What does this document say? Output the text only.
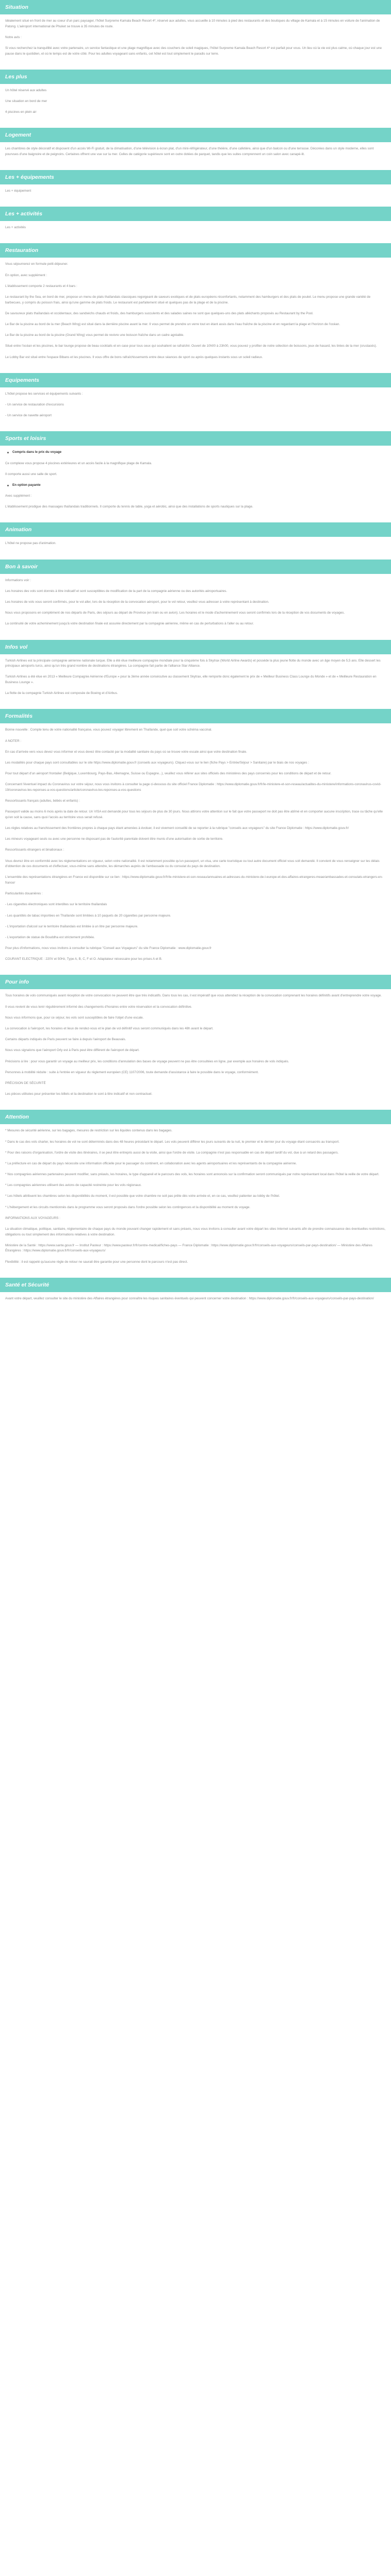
Situation

Idéalement situé en front de mer au coeur d'un parc paysager, l'hôtel Surpreme Kamala Beach Resort 4*, réservé aux adultes, vous accueille à 10 minutes à pied des restaurants et des boutiques du village de Kamala et à 15 minutes en voiture de l'animation de Patong. L'aéroport international de Phuket se trouve à 35 minutes de route.

Notre avis :

Si vous recherchez la tranquillité avec votre partenaire, un service fantastique et une plage magnifique avec des couchers de soleil magiques, l'hôtel Surpreme Kamala Beach Resort 4* est parfait pour vous. Un lieu où la vie est plus calme, où chaque jour est une pause dans le quotidien, et où le temps est de votre côté. Pour les adultes voyageant sans enfants, cet hôtel est tout simplement le paradis sur terre.

Les plus

Un hôtel réservé aux adultes

Une situation en bord de mer

4 piscines en plein air

Logement

Les chambres de style décoratif et disposent d'un accès Wi-Fi gratuit, de la climatisation, d'une télévision à écran plat, d'un mini-réfrigérateur, d'une théière, d'une cafetière, ainsi que d'un balcon ou d'une terrasse. Décorées dans un style moderne, elles sont pourvues d'une baignoire et de peignoirs. Certaines offrent une vue sur la mer. Celles de catégorie supérieure sont en outre dotées de parquet, tandis que les suites comprennent un coin salon avec canapé-lit.

Les + équipements

Les + équipement

Les + activités

Les + activités

Restauration

Vous séjournerez en formule petit-déjeuner.

En option, avec supplément :

L'établissement comporte 2 restaurants et 4 bars :

Le restaurant by the Sea, en bord de mer, propose un menu de plats thaïlandais classiques regorgeant de saveurs exotiques et de plats européens réconfortants, notamment des hamburgers et des plats de poulet. Le menu propose une grande variété de barbecues, y compris du poisson frais, ainsi qu'une gamme de plats froids. Le restaurant est parfaitement situé et quelques pas de la plage et de la piscine.

De savoureux plats thaïlandais et occidentaux, des sandwichs chauds et froids, des hamburgers succulents et des salades saines ne sont que quelques-uns des plats alléchants proposés au Restaurant by the Pool.

Le Bar de la piscine au bord de la mer (Beach Wing) est situé dans la dernière piscine avant la mer. Il vous permet de prendre un verre tout en étant assis dans l'eau fraîche de la piscine et en regardant la plage et l'horizon de l'océan.

Le Bar de la piscine au bord de la piscine (Grand Wing) vous permet de revivre une boisson fraîche dans un cadre agréable.

Situé entre l'océan et les piscines, le bar lounge propose de beau cocktails et en case pour tous ceux qui souhaitent se rafraîchir. Ouvert de 10h00 à 23h00, vous pouvez y profiter de notre sélection de boissons, jeux de hasard, les tirées de la mer (crustacés).

Le Lobby Bar est situé entre l'espace Bibans et les piscines. Il vous offre de bons rafraîchissements entre deux séances de sport ou après quelques instants sous un soleil radieux.

Equipements

L'hôtel propose les services et équipements suivants :

- Un service de restauration d'excursions

- Un service de navette aéroport

Sports et loisirs
Compris dans le prix du voyage

Ce complexe vous propose 4 piscines extérieures et un accès facile à la magnifique plage de Kamala.

Il comporte aussi une salle de sport.

En option payante

Avec supplément :

L'établissement prodigue des massages thaïlandais traditionnels. Il comporte du tennis de table, yoga et aérobic, ainsi que des installations de sports nautiques sur la plage.

Animation

L'hôtel ne propose pas d'animation.

Bon à savoir

Informations voir :

Les horaires des vols sont donnés à titre indicatif et sont susceptibles de modification de la part de la compagnie aérienne ou des autorités aéroportuaires.

Les horaires de vols vous seront confirmés, pour le vol aller, lors de la réception de la convocation aéroport, pour le vol retour, veuillez vous adresser à votre représentant à destination.

Nous vous proposons en complément de nos départs de Paris, des séjours au départ de Province (en train ou en avion). Les horaires et le mode d'acheminement vous seront confirmés lors de la réception de vos documents de voyages.

La continuité de votre acheminement jusqu'à votre destination finale est assurée directement par la compagnie aérienne, même en cas de perturbations à l'aller ou au retour.

Infos vol

Turkish Airlines est la principale compagnie aérienne nationale turque. Elle a été élue meilleure compagnie mondiale pour la cinquième fois à Skytrax (World Airline Awards) et possède la plus jeune flotte du monde avec un âge moyen de 5,5 ans. Elle dessert les principaux aéroports turcs, ainsi qu'un très grand nombre de destinations étrangères. La compagnie fait partie de l'alliance Star Alliance.

Turkish Airlines a été élue en 2013 « Meilleure Compagnie Aérienne d'Europe » pour la 3ème année consécutive au classement Skytrax, elle remporte donc également le prix de « Meilleur Business Class Lounge du Monde » et de « Meilleure Restauration en Business Lounge ».

La flotte de la compagnie Turkish Airlines est composée de Boeing et d'Airbus.

Formalités

Bonne nouvelle : Compte tenu de votre nationalité française, vous pouvez voyager librement en Thaïlande, quel que soit votre schéma vaccinal.

A NOTER :

En cas d'arrivée vers vous devez vous informer et vous devez être contacté par la modalité sanitaire du pays où se trouve votre escale ainsi que votre destination finale.

Les modalités pour chaque pays sont consultables sur le site https://www.diplomatie.gouv.fr (conseils aux voyageurs). Cliquez-vous sur le lien (fiche Pays > Entrée/Séjour > Sanitaire) par le biais de nos voyages :

Pour tout départ d'un aéroport frontalier (Belgique, Luxembourg, Pays-Bas, Allemagne, Suisse ou Espagne...), veuillez vous référer aux sites officiels des ministères des pays concernés pour les conditions de départ et de retour.

Concernant l'éventuel impact du Coronavirus sur votre séjour, nous vous invitons à consulter la page ci-dessous du site officiel France Diplomatie : https://www.diplomatie.gouv.fr/fr/le-ministere-et-son-reseau/actualites-du-ministere/informations-coronavirus-covid-19/coronavirus-les-reponses-a-vos-questions/article/coronavirus-les-reponses-a-vos-questions

Ressortissants français (adultes, bébés et enfants) :

Passeport valide au moins 6 mois après la date de retour. Un VISA est demandé pour tous les séjours de plus de 30 jours. Nous attirons votre attention sur le fait que votre passeport ne doit pas être abîmé et en comporter aucune inscription, trace ou tâche qu'elle qu'en soit la cause, sans quoi l'accès au territoire vous serait refusé.

Les règles relatives au franchissement des frontières propres à chaque pays étant amenées à évoluer, il est vivement conseillé de se reporter à la rubrique "conseils aux voyageurs" du site France Diplomatie : https://www.diplomatie.gouv.fr/

Les mineurs voyageant seuls ou avec une personne ne disposant pas de l'autorité parentale doivent être munis d'une autorisation de sortie de territoire.

Ressortissants étrangers et binationaux :

Vous devrez être en conformité avec les réglementations en vigueur, selon votre nationalité. Il est notamment possible qu'un passeport, un visa, une carte touristique ou tout autre document officiel vous soit demandé. Il convient de vous renseigner sur les délais d'obtention de ces documents et d'effectuer, vous-même sans attendre, les démarches auprès de l'ambassade ou du consulat du pays de destination.

L'ensemble des représentations étrangères en France est disponible sur ce lien : https://www.diplomatie.gouv.fr/fr/le-ministere-et-son-reseau/annuaires-et-adresses-du-ministere-de-l-europe-et-des-affaires-etrangeres-meae/ambassades-et-consulats-etrangers-en-france/

Particularités douanières :

- Les cigarettes électroniques sont interdites sur le territoire thaïlandais

- Les quantités de tabac importées en Thaïlande sont limitées à 10 paquets de 20 cigarettes par personne majeure.

- L'importation d'alcool sur le territoire thaïlandais est limitée à un litre par personne majeure.

- L'exportation de statue de Bouddha est strictement prohibée.

Pour plus d'informations, nous vous invitons à consulter la rubrique "Conseil aux Voyageurs" du site France Diplomatie : www.diplomatie.gouv.fr

COURANT ELECTRIQUE : 220V et 50Hz, Type A, B, C, F et O. Adaptateur nécessaire pour les prises A et B.

Pour info

Tous horaires de vols communiqués avant réception de votre convocation ne peuvent être que très indicatifs. Dans tous les cas, il est impératif que vous attendiez la réception de la convocation comprenant les horaires définitifs avant d'entreprendre votre voyage.

Il vous revient de vous tenir régulièrement informé des changements d'horaires entre votre réservation et la convocation définitive.

Nous vous informons que, pour ce séjour, les vols sont susceptibles de faire l'objet d'une escale.

La convocation à l'aéroport, les horaires et lieux de rendez-vous et le plan de vol définitif vous seront communiqués dans les 48h avant le départ.

Certains départs indiqués de Paris peuvent se faire à depuis l'aéroport de Beauvais.

Nous vous signalons que l'aéroport Orly est à Paris peut être différent de l'aéroport de départ.

Précisions à lire : pour vous garantir un voyage au meilleur prix, les conditions d'annulation des bases de voyage peuvent ne pas être consultées en ligne, par exemple aux horaires de vols indiqués.

Personnes à mobilité réduite : suite à l'entrée en vigueur du règlement européen (CE) 1107/2006, toute demande d'assistance à faire le possible dans le voyage, conformément.

PRÉCISION DE SÉCURITÉ

Les pièces utilisées pour présenter les billets et la destination le sont à titre indicatif et non contractuel.

Attention

* Mesures de sécurité aérienne, sur les bagages, mesures de restriction sur les liquides contenus dans les bagages.

* Dans le cas des vols charter, les horaires de vol ne sont déterminés dans des 48 heures précédant le départ. Les vols peuvent différer les jours suivants de la nuit, le premier et le dernier jour du voyage étant consacrés au transport.

* Pour des raisons d'organisation, l'ordre de visite des itinéraires, il se peut être entrepris aussi de la visite, ainsi que l'ordre de visite. La compagnie n'est pas responsable en cas de départ tardif du vol, due à un retard des passagers.

* La préfecture en cas de départ du pays nécessite une information officielle pour le passager du continent, en collaboration avec les agents aéroportuaires et les représentants de la compagnie aérienne.

* Nos compagnies aériennes partenaires peuvent modifier, sans préavis, les horaires, le type d'appareil et le parcours des vols, les horaires sont annoncés sur la confirmation seront communiqués par notre représentant local dans l'hôtel la veille de votre départ.

* Les compagnies aériennes utilisent des avions de capacité restreinte pour les vols régionaux.

* Les hôtels attribuent les chambres selon les disponibilités du moment, il est possible que votre chambre ne soit pas prête dès votre arrivée et, en ce cas, veuillez patienter au lobby de l'hôtel.

* L'hébergement et les circuits mentionnés dans le programme vous seront proposés dans l'ordre possible selon les contingences et la disponibilité au moment du voyage.

INFORMATIONS AUX VOYAGEURS :

La situation climatique, politique, sanitaire, réglementaire de chaque pays du monde pouvant changer rapidement et sans préavis, nous vous invitons à consulter avant votre départ les sites Internet suivants afin de prendre connaissance des éventuelles restrictions, obligations ou tout simplement des informations relatives à votre destination.

Ministère de la Santé : https://www.sante.gouv.fr — Institut Pasteur : https://www.pasteur.fr/fr/centre-medical/fiches-pays — France Diplomatie : https://www.diplomatie.gouv.fr/fr/conseils-aux-voyageurs/conseils-par-pays-destination/ — Ministère des Affaires Étrangères : https://www.diplomatie.gouv.fr/fr/conseils-aux-voyageurs/

Flexibilité : il est rappelé qu'aucune règle de retour ne saurait être garantie pour une personne dont le parcours n'est pas direct.

Santé et Sécurité

Avant votre départ, veuillez consulter le site du ministère des Affaires étrangères pour connaître les risques sanitaires éventuels qui peuvent concerner votre destination : https://www.diplomatie.gouv.fr/fr/conseils-aux-voyageurs/conseils-par-pays-destination/
